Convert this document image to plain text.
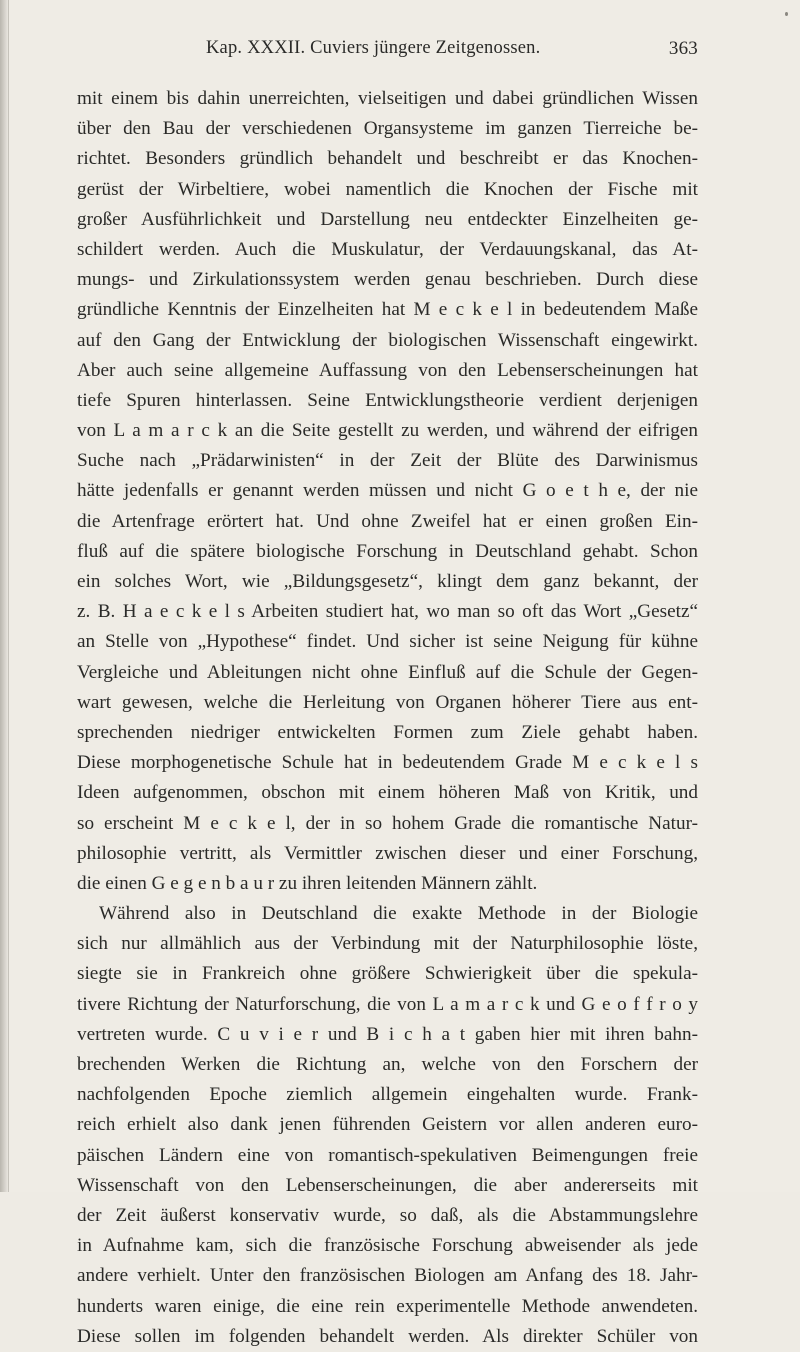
Kap. XXXII. Cuviers jüngere Zeitgenossen.	363
mit einem bis dahin unerreichten, vielseitigen und dabei gründlichen Wissen
über den Bau der verschiedenen Organsysteme im ganzen Tierreiche be-
richtet. Besonders gründlich behandelt und beschreibt er das Knochen-
gerüst der Wirbeltiere, wobei namentlich die Knochen der Fische mit
großer Ausführlichkeit und Darstellung neu entdeckter Einzelheiten ge-
schildert werden. Auch die Muskulatur, der Verdauungskanal, das At-
mungs- und Zirkulationssystem werden genau beschrieben. Durch diese
gründliche Kenntnis der Einzelheiten hat M e c k e l in bedeutendem Maße
auf den Gang der Entwicklung der biologischen Wissenschaft eingewirkt.
Aber auch seine allgemeine Auffassung von den Lebenserscheinungen hat
tiefe Spuren hinterlassen. Seine Entwicklungstheorie verdient derjenigen
von L a m a r c k an die Seite gestellt zu werden, und während der eifrigen
Suche nach „Prädarwinisten“ in der Zeit der Blüte des Darwinismus
hätte jedenfalls er genannt werden müssen und nicht G o e t h e, der nie
die Artenfrage erörtert hat. Und ohne Zweifel hat er einen großen Ein-
fluß auf die spätere biologische Forschung in Deutschland gehabt. Schon
ein solches Wort, wie „Bildungsgesetz“, klingt dem ganz bekannt, der
z. B. H a e c k e l s Arbeiten studiert hat, wo man so oft das Wort „Gesetz“
an Stelle von „Hypothese“ findet. Und sicher ist seine Neigung für kühne
Vergleiche und Ableitungen nicht ohne Einfluß auf die Schule der Gegen-
wart gewesen, welche die Herleitung von Organen höherer Tiere aus ent-
sprechenden niedriger entwickelten Formen zum Ziele gehabt haben.
Diese morphogenetische Schule hat in bedeutendem Grade M e c k e l s
Ideen aufgenommen, obschon mit einem höheren Maß von Kritik, und
so erscheint M e c k e l, der in so hohem Grade die romantische Natur-
philosophie vertritt, als Vermittler zwischen dieser und einer Forschung,
die einen G e g e n b a u r zu ihren leitenden Männern zählt.
Während also in Deutschland die exakte Methode in der Biologie
sich nur allmählich aus der Verbindung mit der Naturphilosophie löste,
siegte sie in Frankreich ohne größere Schwierigkeit über die spekula-
tivere Richtung der Naturforschung, die von L a m a r c k und G e o f f r o y
vertreten wurde. C u v i e r und B i c h a t gaben hier mit ihren bahn-
brechenden Werken die Richtung an, welche von den Forschern der
nachfolgenden Epoche ziemlich allgemein eingehalten wurde. Frank-
reich erhielt also dank jenen führenden Geistern vor allen anderen euro-
päischen Ländern eine von romantisch-spekulativen Beimengungen freie
Wissenschaft von den Lebenserscheinungen, die aber andererseits mit
der Zeit äußerst konservativ wurde, so daß, als die Abstammungslehre
in Aufnahme kam, sich die französische Forschung abweisender als jede
andere verhielt. Unter den französischen Biologen am Anfang des 18. Jahr-
hunderts waren einige, die eine rein experimentelle Methode anwendeten.
Diese sollen im folgenden behandelt werden. Als direkter Schüler von
